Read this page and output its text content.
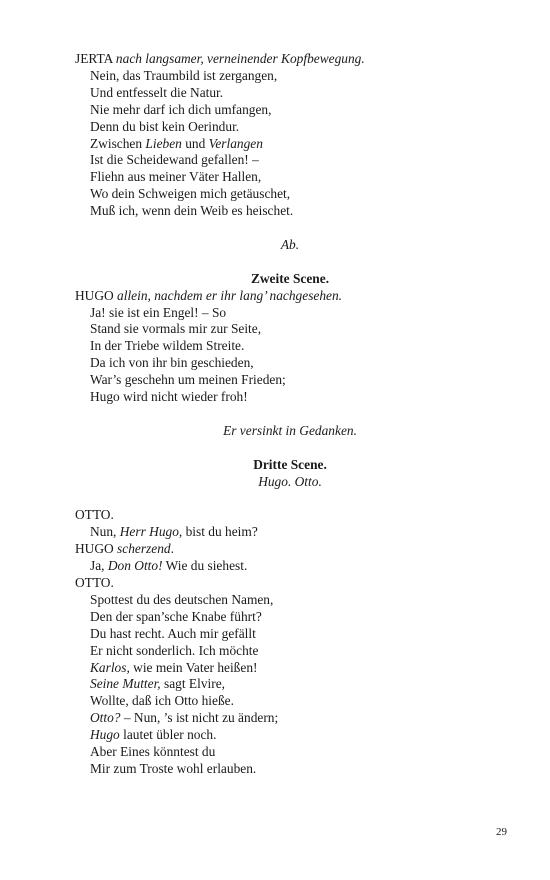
JERTA nach langsamer, verneinender Kopfbewegung.
Nein, das Traumbild ist zergangen,
Und entfesselt die Natur.
Nie mehr darf ich dich umfangen,
Denn du bist kein Oerindur.
Zwischen Lieben und Verlangen
Ist die Scheidewand gefallen! –
Fliehn aus meiner Väter Hallen,
Wo dein Schweigen mich getäuschet,
Muß ich, wenn dein Weib es heischet.
Ab.
Zweite Scene.
HUGO allein, nachdem er ihr lang’ nachgesehen.
Ja! sie ist ein Engel! – So
Stand sie vormals mir zur Seite,
In der Triebe wildem Streite.
Da ich von ihr bin geschieden,
War’s geschehn um meinen Frieden;
Hugo wird nicht wieder froh!
Er versinkt in Gedanken.
Dritte Scene.
Hugo. Otto.
OTTO.
Nun, Herr Hugo, bist du heim?
HUGO scherzend.
Ja, Don Otto! Wie du siehest.
OTTO.
Spottest du des deutschen Namen,
Den der span’sche Knabe führt?
Du hast recht. Auch mir gefällt
Er nicht sonderlich. Ich möchte
Karlos, wie mein Vater heißen!
Seine Mutter, sagt Elvire,
Wollte, daß ich Otto hieße.
Otto? – Nun, ’s ist nicht zu ändern;
Hugo lautet übler noch.
Aber Eines könntest du
Mir zum Troste wohl erlauben.
29
